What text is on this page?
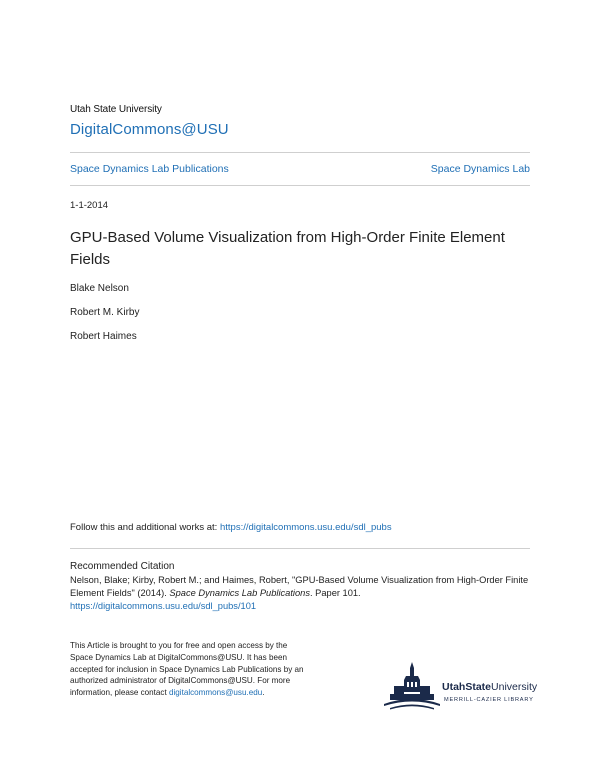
Utah State University
DigitalCommons@USU
Space Dynamics Lab Publications	Space Dynamics Lab
1-1-2014
GPU-Based Volume Visualization from High-Order Finite Element Fields
Blake Nelson
Robert M. Kirby
Robert Haimes
Follow this and additional works at: https://digitalcommons.usu.edu/sdl_pubs
Recommended Citation
Nelson, Blake; Kirby, Robert M.; and Haimes, Robert, "GPU-Based Volume Visualization from High-Order Finite Element Fields" (2014). Space Dynamics Lab Publications. Paper 101.
https://digitalcommons.usu.edu/sdl_pubs/101
This Article is brought to you for free and open access by the Space Dynamics Lab at DigitalCommons@USU. It has been accepted for inclusion in Space Dynamics Lab Publications by an authorized administrator of DigitalCommons@USU. For more information, please contact digitalcommons@usu.edu.	UtahStateUniversity
MERRILL-CAZIER LIBRARY
